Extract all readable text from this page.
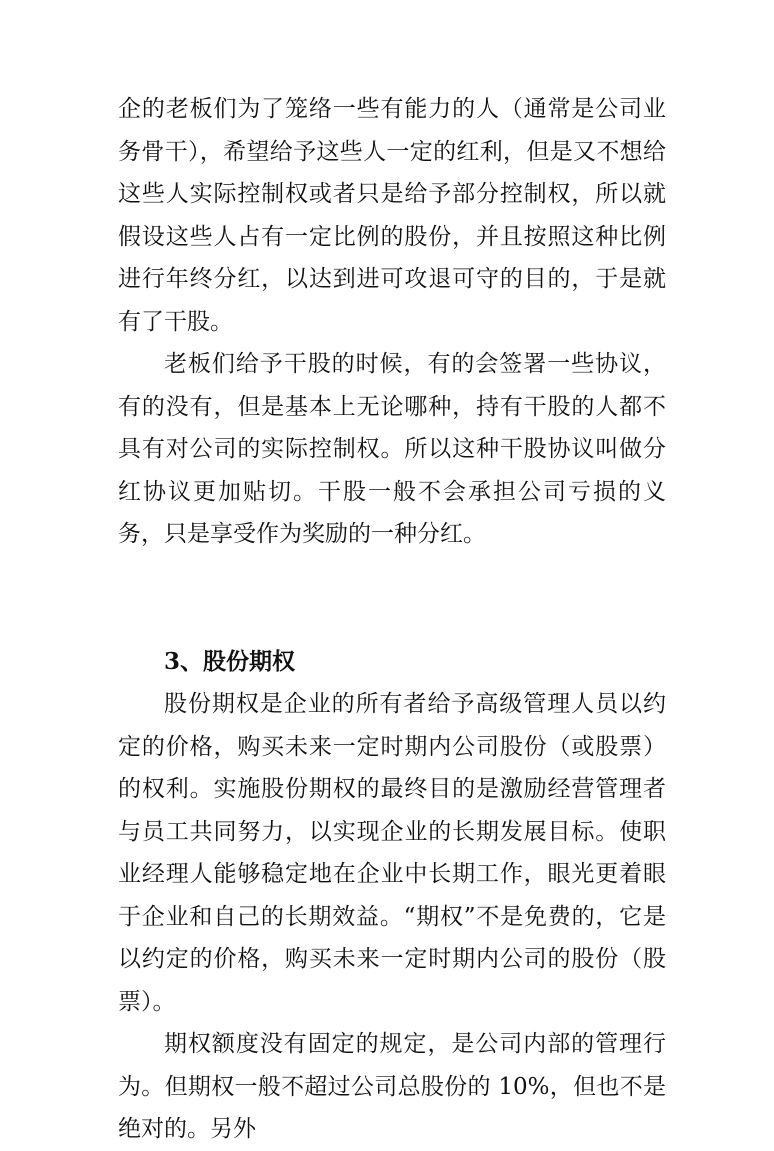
企的老板们为了笼络一些有能力的人（通常是公司业务骨干），希望给予这些人一定的红利，但是又不想给这些人实际控制权或者只是给予部分控制权，所以就假设这些人占有一定比例的股份，并且按照这种比例进行年终分红，以达到进可攻退可守的目的，于是就有了干股。

老板们给予干股的时候，有的会签署一些协议，有的没有，但是基本上无论哪种，持有干股的人都不具有对公司的实际控制权。所以这种干股协议叫做分红协议更加贴切。干股一般不会承担公司亏损的义务，只是享受作为奖励的一种分红。

3、股份期权

股份期权是企业的所有者给予高级管理人员以约定的价格，购买未来一定时期内公司股份（或股票）的权利。实施股份期权的最终目的是激励经营管理者与员工共同努力，以实现企业的长期发展目标。使职业经理人能够稳定地在企业中长期工作，眼光更着眼于企业和自己的长期效益。“期权”不是免费的，它是以约定的价格，购买未来一定时期内公司的股份（股票）。

期权额度没有固定的规定，是公司内部的管理行为。但期权一般不超过公司总股份的 10%，但也不是绝对的。另外
